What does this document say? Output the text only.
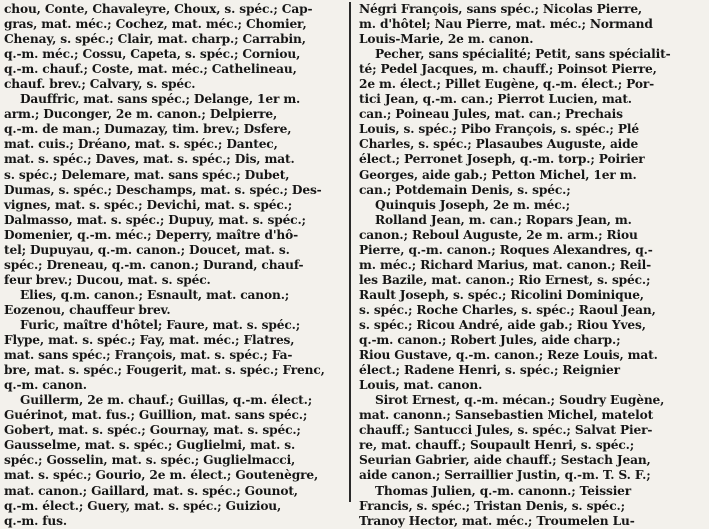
chou, Conte, Chavaleyre, Choux, s. spéc.; Cap-
gras, mat. méc.; Cochez, mat. méc.; Chomier,
Chenay, s. spéc.; Clair, mat. charp.; Carrabin,
q.-m. méc.; Cossu, Capeta, s. spéc.; Corniou,
q.-m. chauf.; Coste, mat. méc.; Cathelineau,
chauf. brev.; Calvary, s. spéc.
Dauffric, mat. sans spéc.; Delange, 1er m.
arm.; Duconger, 2e m. canon.; Delpierre,
q.-m. de man.; Dumazay, tim. brev.; Dsfere,
mat. cuis.; Dréano, mat. s. spéc.; Dantec,
mat. s. spéc.; Daves, mat. s. spéc.; Dis, mat.
s. spéc.; Delemare, mat. sans spéc.; Dubet,
Dumas, s. spéc.; Deschamps, mat. s. spéc.; Des-
vignes, mat. s. spéc.; Devichi, mat. s. spéc.;
Dalmasso, mat. s. spéc.; Dupuy, mat. s. spéc.;
Domenier, q.-m. méc.; Deperry, maître d'hô-
tel; Dupuyau, q.-m. canon.; Doucet, mat. s.
spéc.; Dreneau, q.-m. canon.; Durand, chauf-
feur brev.; Ducou, mat. s. spéc.
Elies, q.m. canon.; Esnault, mat. canon.;
Eozenou, chauffeur brev.
Furic, maître d'hôtel; Faure, mat. s. spéc.;
Flype, mat. s. spéc.; Fay, mat. méc.; Flatres,
mat. sans spéc.; François, mat. s. spéc.; Fa-
bre, mat. s. spéc.; Fougerit, mat. s. spéc.; Frenc,
q.-m. canon.
Guillerm, 2e m. chauf.; Guillas, q.-m. élect.;
Guérinot, mat. fus.; Guillion, mat. sans spéc.;
Gobert, mat. s. spéc.; Gournay, mat. s. spéc.;
Gausselme, mat. s. spéc.; Guglielmi, mat. s.
spéc.; Gosselin, mat. s. spéc.; Guglielmacci,
mat. s. spéc.; Gourio, 2e m. élect.; Goutenègre,
mat. canon.; Gaillard, mat. s. spéc.; Gounot,
q.-m. élect.; Guery, mat. s. spéc.; Guiziou,
q.-m. fus.
Négri François, sans spéc.; Nicolas Pierre,
m. d'hôtel; Nau Pierre, mat. méc.; Normand
Louis-Marie, 2e m. canon.
Pecher, sans spécialité; Petit, sans spécialit-
té; Pedel Jacques, m. chauff.; Poinsot Pierre,
2e m. élect.; Pillet Eugène, q.-m. élect.; Por-
tici Jean, q.-m. can.; Pierrot Lucien, mat.
can.; Poineau Jules, mat. can.; Prechais
Louis, s. spéc.; Pibo François, s. spéc.; Plé
Charles, s. spéc.; Plasaubes Auguste, aide
élect.; Perronet Joseph, q.-m. torp.; Poirier
Georges, aide gab.; Petton Michel, 1er m.
can.; Potdemain Denis, s. spéc.;
Quinquis Joseph, 2e m. méc.;
Rolland Jean, m. can.; Ropars Jean, m.
canon.; Reboul Auguste, 2e m. arm.; Riou
Pierre, q.-m. canon.; Roques Alexandres, q.-
m. méc.; Richard Marius, mat. canon.; Reil-
les Bazile, mat. canon.; Rio Ernest, s. spéc.;
Rault Joseph, s. spéc.; Ricolini Dominique,
s. spéc.; Roche Charles, s. spéc.; Raoul Jean,
s. spéc.; Ricou André, aide gab.; Riou Yves,
q.-m. canon.; Robert Jules, aide charp.;
Riou Gustave, q.-m. canon.; Reze Louis, mat.
élect.; Radene Henri, s. spéc.; Reignier
Louis, mat. canon.
Sirot Ernest, q.-m. mécan.; Soudry Eugène,
mat. canonn.; Sansebastien Michel, matelot
chauff.; Santucci Jules, s. spéc.; Salvat Pier-
re, mat. chauff.; Soupault Henri, s. spéc.;
Seurian Gabrier, aide chauff.; Sestach Jean,
aide canon.; Serraillier Justin, q.-m. T. S. F.;
Thomas Julien, q.-m. canonn.; Teissier
Francis, s. spéc.; Tristan Denis, s. spéc.;
Tranoy Hector, mat. méc.; Troumelen Lu-
